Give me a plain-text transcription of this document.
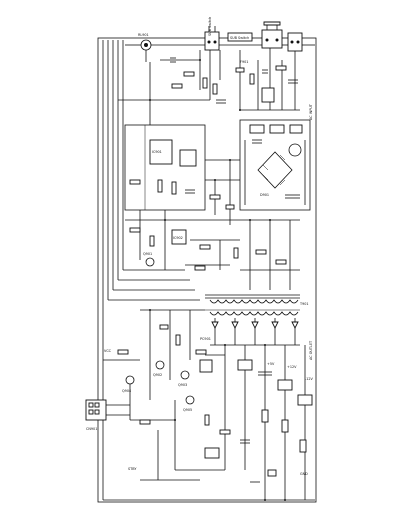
SUB Switch
SUB Switch
RL901
F901
D901
IC901
IC902
Q901
T901
+5V
+12V
-12V
GND
Q902
Q903
PC901
Q904
Q905
STBY
CN901
VCC
AC INPUT
AC OUTLET
